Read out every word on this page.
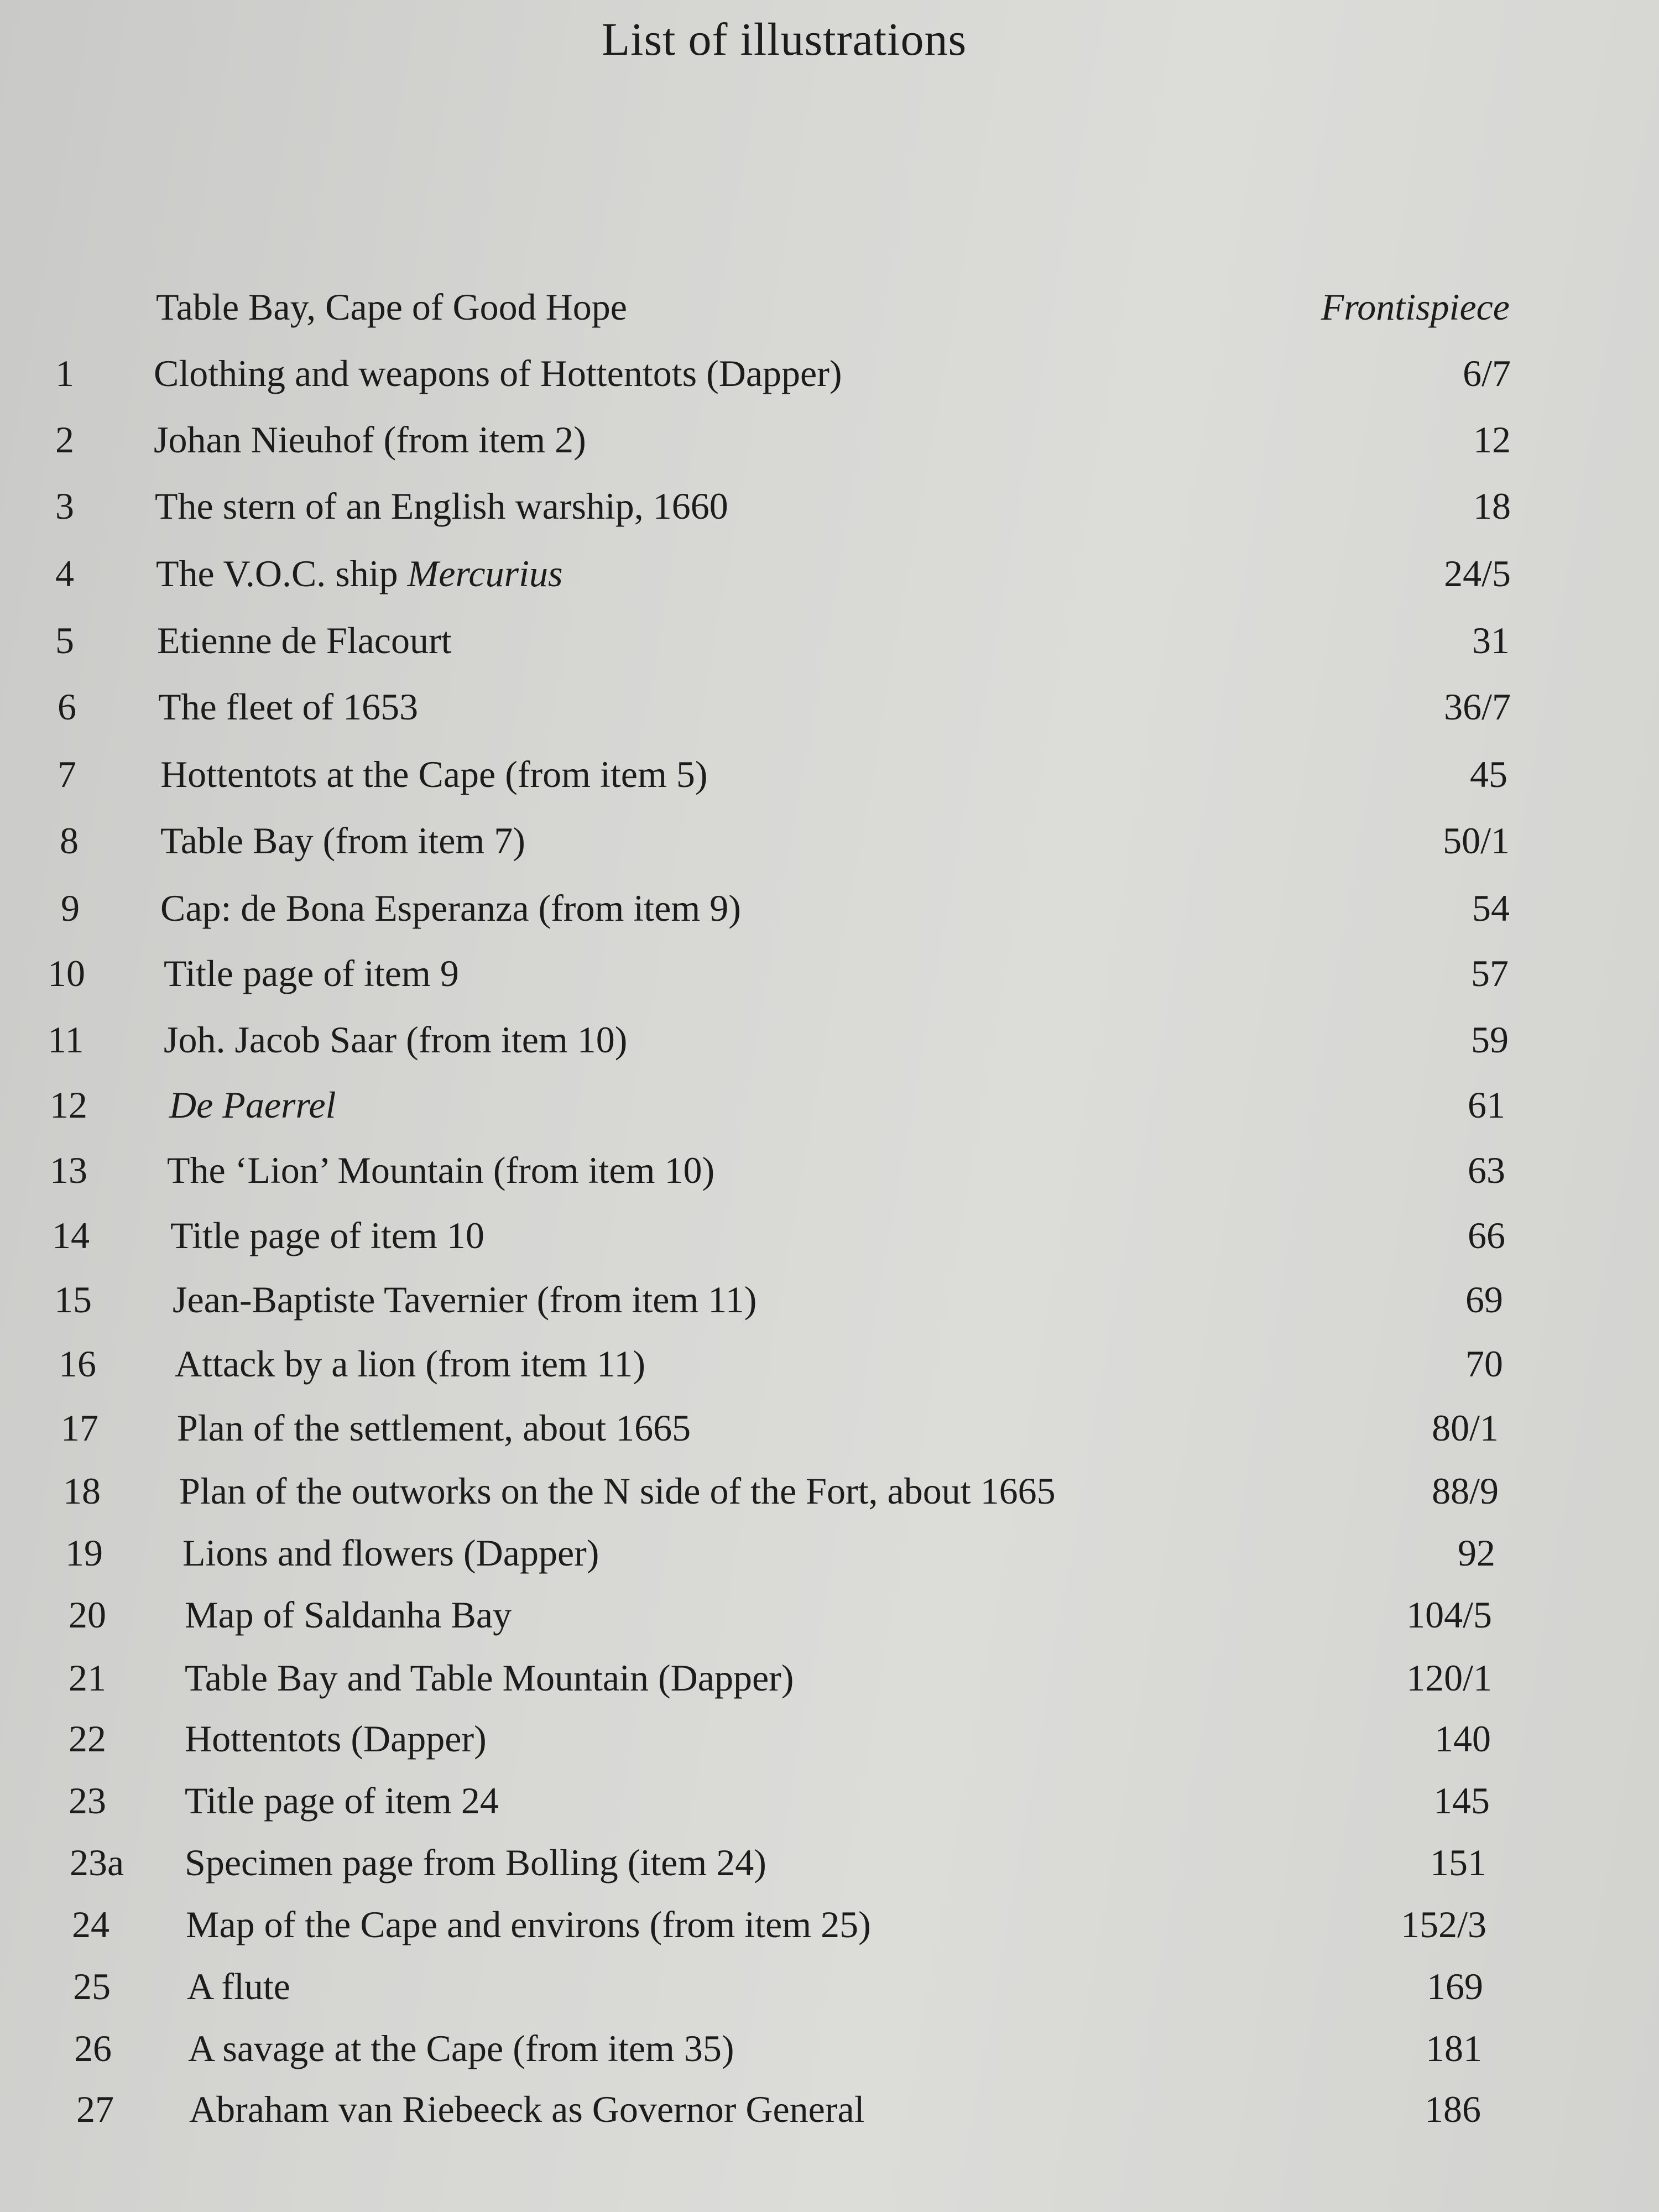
List of illustrations
Table Bay, Cape of Good Hope	Frontispiece
1 Clothing and weapons of Hottentots (Dapper)	6/7
2 Johan Nieuhof (from item 2)	12
3 The stern of an English warship, 1660	18
4 The V.O.C. ship Mercurius	24/5
5 Etienne de Flacourt	31
6 The fleet of 1653	36/7
7 Hottentots at the Cape (from item 5)	45
8 Table Bay (from item 7)	50/1
9 Cap: de Bona Esperanza (from item 9)	54
10 Title page of item 9	57
11 Joh. Jacob Saar (from item 10)	59
12 De Paerrel	61
13 The ‘Lion’ Mountain (from item 10)	63
14 Title page of item 10	66
15 Jean-Baptiste Tavernier (from item 11)	69
16 Attack by a lion (from item 11)	70
17 Plan of the settlement, about 1665	80/1
18 Plan of the outworks on the N side of the Fort, about 1665	88/9
19 Lions and flowers (Dapper)	92
20 Map of Saldanha Bay	104/5
21 Table Bay and Table Mountain (Dapper)	120/1
22 Hottentots (Dapper)	140
23 Title page of item 24	145
23a Specimen page from Bolling (item 24)	151
24 Map of the Cape and environs (from item 25)	152/3
25 A flute	169
26 A savage at the Cape (from item 35)	181
27 Abraham van Riebeeck as Governor General	186
